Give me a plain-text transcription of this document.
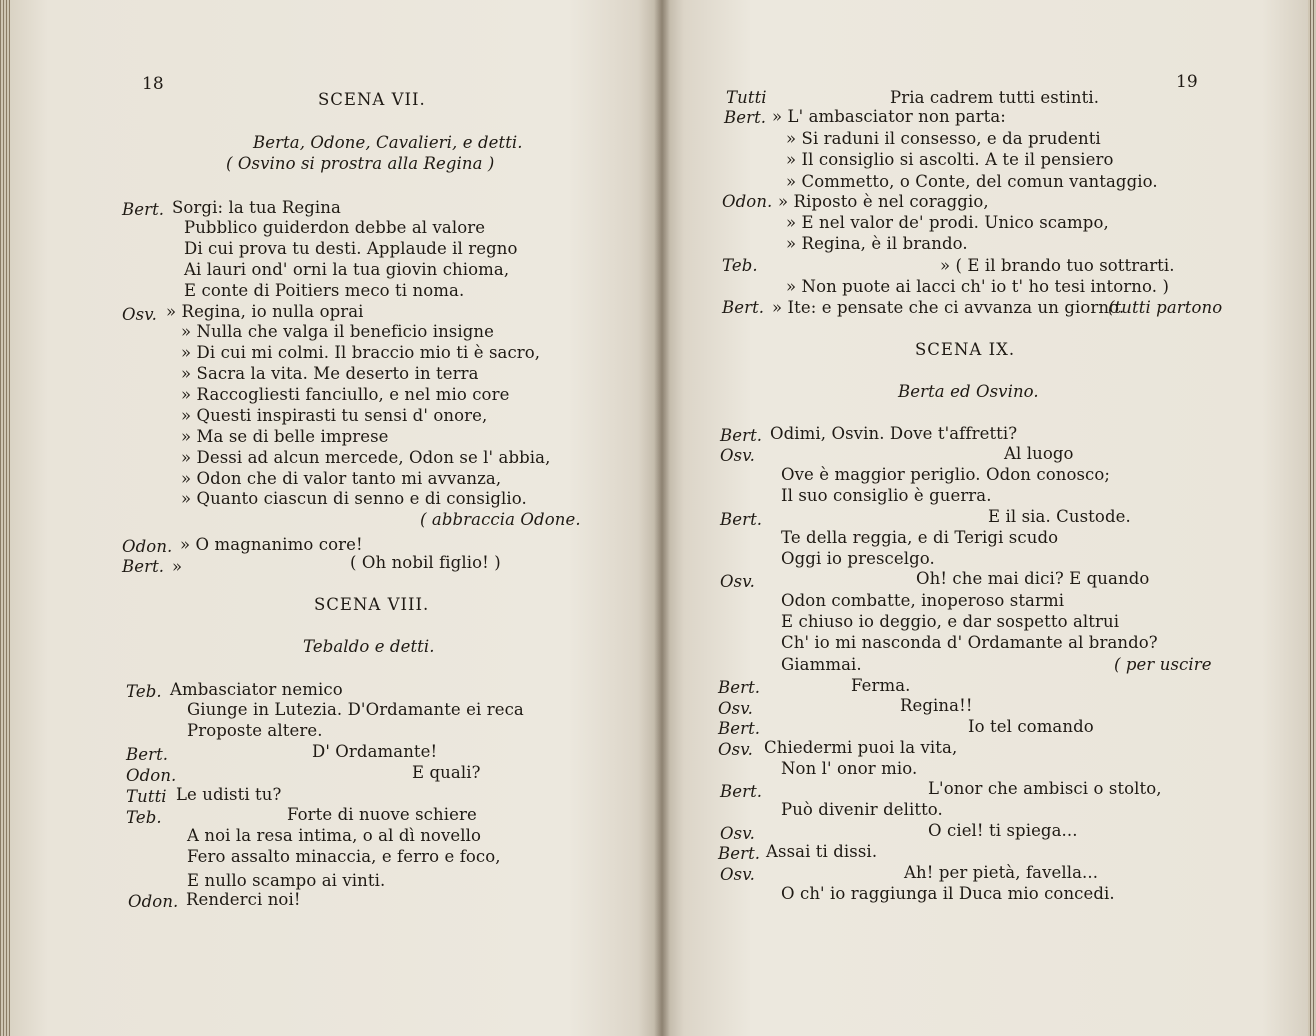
18
SCENA VII.
Berta, Odone, Cavalieri, e detti.
( Osvino si prostra alla Regina )
Bert. Sorgi: la tua Regina
Pubblico guiderdon debbe al valore
Di cui prova tu desti. Applaude il regno
Ai lauri ond' orni la tua giovin chioma,
E conte di Poitiers meco ti noma.
Osv. » Regina, io nulla oprai
» Nulla che valga il beneficio insigne
» Di cui mi colmi. Il braccio mio ti è sacro,
» Sacra la vita. Me deserto in terra
» Raccogliesti fanciullo, e nel mio core
» Questi inspirasti tu sensi d' onore,
» Ma se di belle imprese
» Dessi ad alcun mercede, Odon se l' abbia,
» Odon che di valor tanto mi avvanza,
» Quanto ciascun di senno e di consiglio.
( abbraccia Odone.
Odon. » O magnanimo core!
Bert. »	( Oh nobil figlio! )
SCENA VIII.
Tebaldo e detti.
Teb. Ambasciator nemico
Giunge in Lutezia. D'Ordamante ei reca
Proposte altere.
Bert.	D' Ordamante!
Odon.	E quali?
Tutti Le udisti tu?
Teb.	Forte di nuove schiere
A noi la resa intima, o al dì novello
Fero assalto minaccia, e ferro e foco,
E nullo scampo ai vinti.
Odon. Renderci noi!
19
Tutti	Pria cadrem tutti estinti.
Bert. » L' ambasciator non parta:
» Si raduni il consesso, e da prudenti
» Il consiglio si ascolti. A te il pensiero
» Commetto, o Conte, del comun vantaggio.
Odon. » Riposto è nel coraggio,
» E nel valor de' prodi. Unico scampo,
» Regina, è il brando.
Teb.	» ( E il brando tuo sottrarti.
» Non puote ai lacci ch' io t' ho tesi intorno. )
Bert. » Ite: e pensate che ci avvanza un giorno.
(tutti partono
SCENA IX.
Berta ed Osvino.
Bert. Odimi, Osvin. Dove t'affretti?
Osv.	Al luogo
Ove è maggior periglio. Odon conosco;
Il suo consiglio è guerra.
Bert.	E il sia. Custode.
Te della reggia, e di Terigi scudo
Oggi io prescelgo.
Osv.	Oh! che mai dici? E quando
Odon combatte, inoperoso starmi
E chiuso io deggio, e dar sospetto altrui
Ch' io mi nasconda d' Ordamante al brando?
Giammai.	( per uscire
Bert.	Ferma.
Osv.	Regina!!
Bert.	Io tel comando
Osv. Chiedermi puoi la vita,
Non l' onor mio.
Bert.	L'onor che ambisci o stolto,
Può divenir delitto.
Osv.	O ciel! ti spiega...
Bert. Assai ti dissi.
Osv.	Ah! per pietà, favella...
O ch' io raggiunga il Duca mio concedi.
